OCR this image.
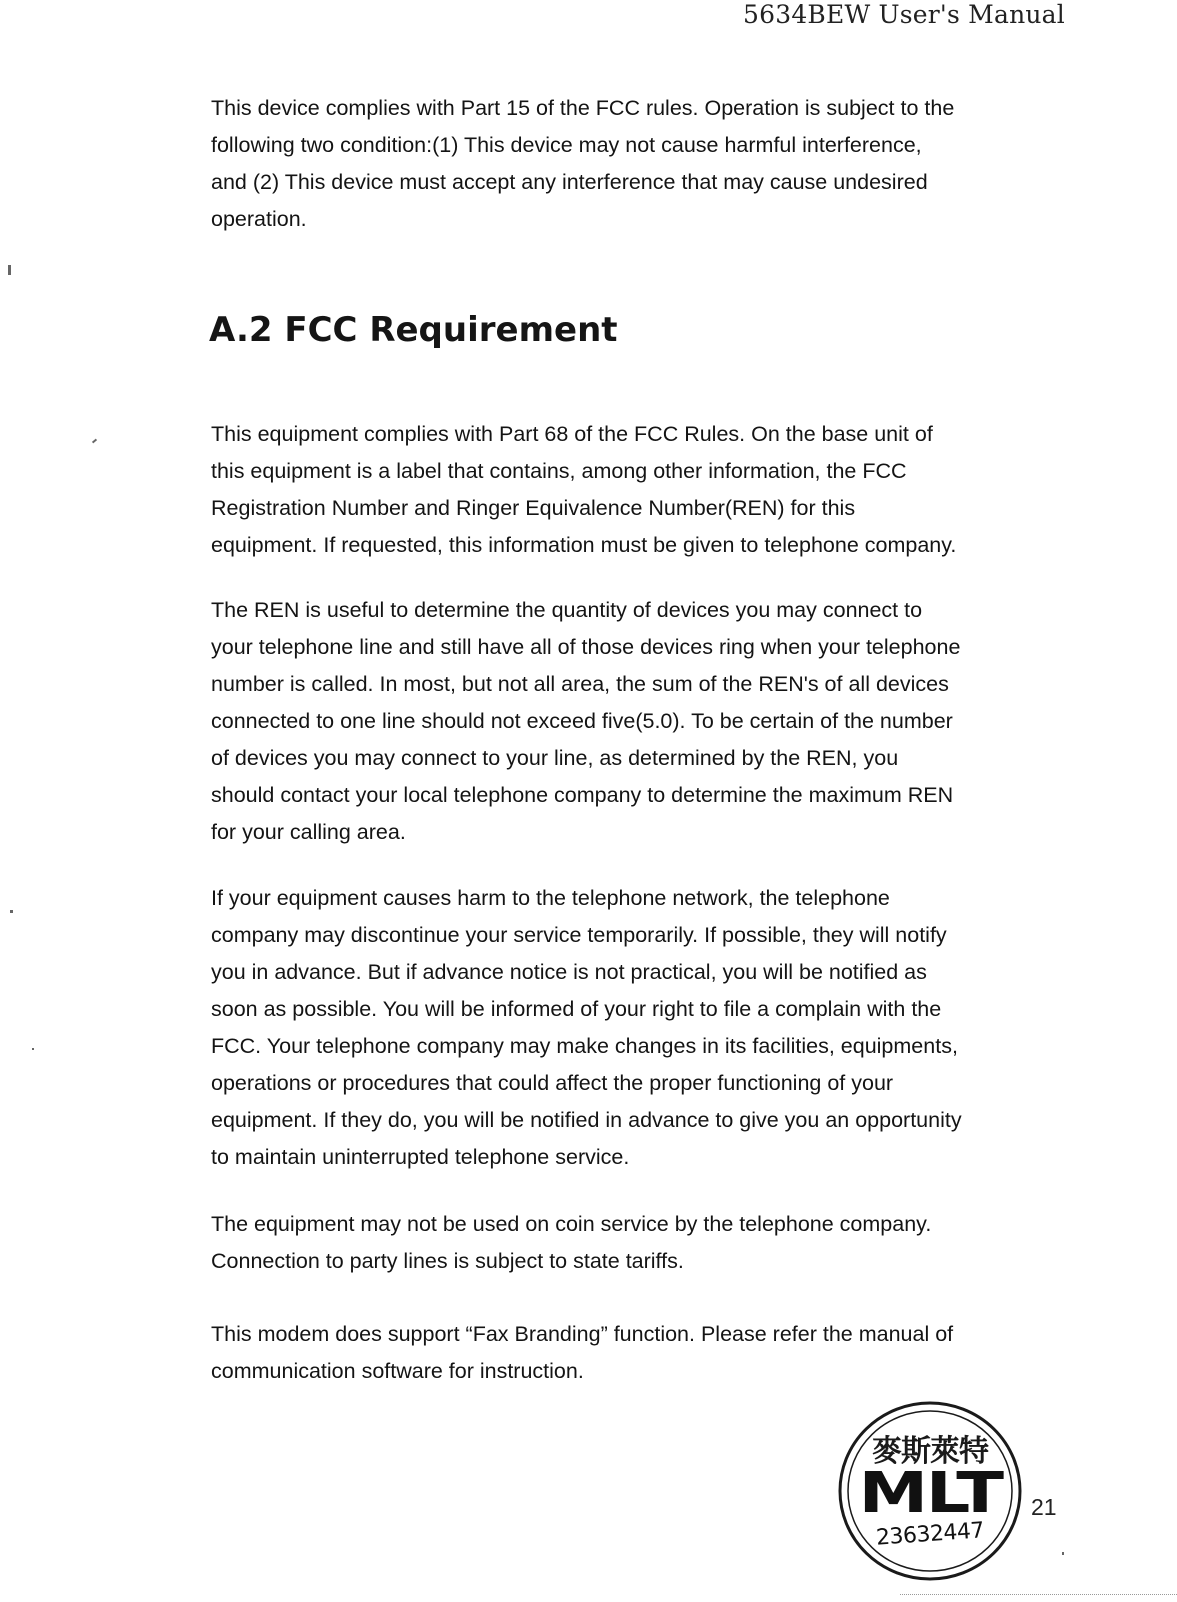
5634BEW User's Manual

This device complies with Part 15 of the FCC rules. Operation is subject to the
following two condition:(1) This device may not cause harmful interference,
and (2) This device must accept any interference that may cause undesired
operation.

A.2 FCC Requirement

This equipment complies with Part 68 of the FCC Rules. On the base unit of
this equipment is a label that contains, among other information, the FCC
Registration Number and Ringer Equivalence Number(REN) for this
equipment. If requested, this information must be given to telephone company.

The REN is useful to determine the quantity of devices you may connect to
your telephone line and still have all of those devices ring when your telephone
number is called. In most, but not all area, the sum of the REN's of all devices
connected to one line should not exceed five(5.0). To be certain of the number
of devices you may connect to your line, as determined by the REN, you
should contact your local telephone company to determine the maximum REN
for your calling area.

If your equipment causes harm to the telephone network, the telephone
company may discontinue your service temporarily. If possible, they will notify
you in advance. But if advance notice is not practical, you will be notified as
soon as possible. You will be informed of your right to file a complain with the
FCC. Your telephone company may make changes in its facilities, equipments,
operations or procedures that could affect the proper functioning of your
equipment. If they do, you will be notified in advance to give you an opportunity
to maintain uninterrupted telephone service.

The equipment may not be used on coin service by the telephone company.
Connection to party lines is subject to state tariffs.

This modem does support “Fax Branding” function. Please refer the manual of
communication software for instruction.

麥斯萊特
MLT
23632447
21
